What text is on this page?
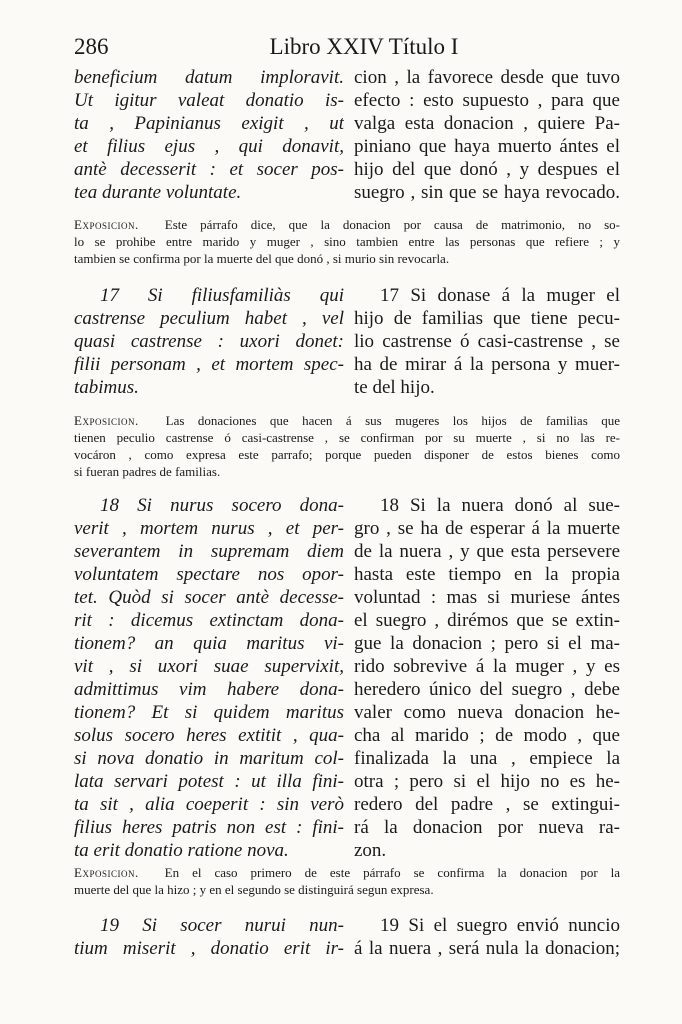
286	Libro XXIV Título I
beneficium datum imploravit.
Ut igitur valeat donatio is-
ta , Papinianus exigit , ut
et filius ejus , qui donavit,
antè decesserit : et socer pos-
tea durante voluntate.
cion , la favorece desde que tuvo
efecto : esto supuesto , para que
valga esta donacion , quiere Pa-
piniano que haya muerto ántes el
hijo del que donó , y despues el
suegro , sin que se haya revocado.
Exposicion. Este párrafo dice, que la donacion por causa de matrimonio, no so-
lo se prohibe entre marido y muger , sino tambien entre las personas que refiere ; y
tambien se confirma por la muerte del que donó , si murio sin revocarla.
17 Si filiusfamiliàs qui
castrense peculium habet , vel
quasi castrense : uxori donet:
filii personam , et mortem spec-
tabimus.
17 Si donase á la muger el
hijo de familias que tiene pecu-
lio castrense ó casi-castrense , se
ha de mirar á la persona y muer-
te del hijo.
Exposicion. Las donaciones que hacen á sus mugeres los hijos de familias que
tienen peculio castrense ó casi-castrense , se confirman por su muerte , si no las re-
vocáron , como expresa este parrafo; porque pueden disponer de estos bienes como
si fueran padres de familias.
18 Si nurus socero dona-
verit , mortem nurus , et per-
severantem in supremam diem
voluntatem spectare nos opor-
tet. Quòd si socer antè decesse-
rit : dicemus extinctam dona-
tionem? an quia maritus vi-
vit , si uxori suae supervixit,
admittimus vim habere dona-
tionem? Et si quidem maritus
solus socero heres extitit , qua-
si nova donatio in maritum col-
lata servari potest : ut illa fini-
ta sit , alia coeperit : sin verò
filius heres patris non est : fini-
ta erit donatio ratione nova.
18 Si la nuera donó al sue-
gro , se ha de esperar á la muerte
de la nuera , y que esta persevere
hasta este tiempo en la propia
voluntad : mas si muriese ántes
el suegro , dirémos que se extin-
gue la donacion ; pero si el ma-
rido sobrevive á la muger , y es
heredero único del suegro , debe
valer como nueva donacion he-
cha al marido ; de modo , que
finalizada la una , empiece la
otra ; pero si el hijo no es he-
redero del padre , se extingui-
rá la donacion por nueva ra-
zon.
Exposicion. En el caso primero de este párrafo se confirma la donacion por la
muerte del que la hizo ; y en el segundo se distinguirá segun expresa.
19 Si socer nurui nun-
tium miserit , donatio erit ir-
19 Si el suegro envió nuncio
á la nuera , será nula la donacion;
